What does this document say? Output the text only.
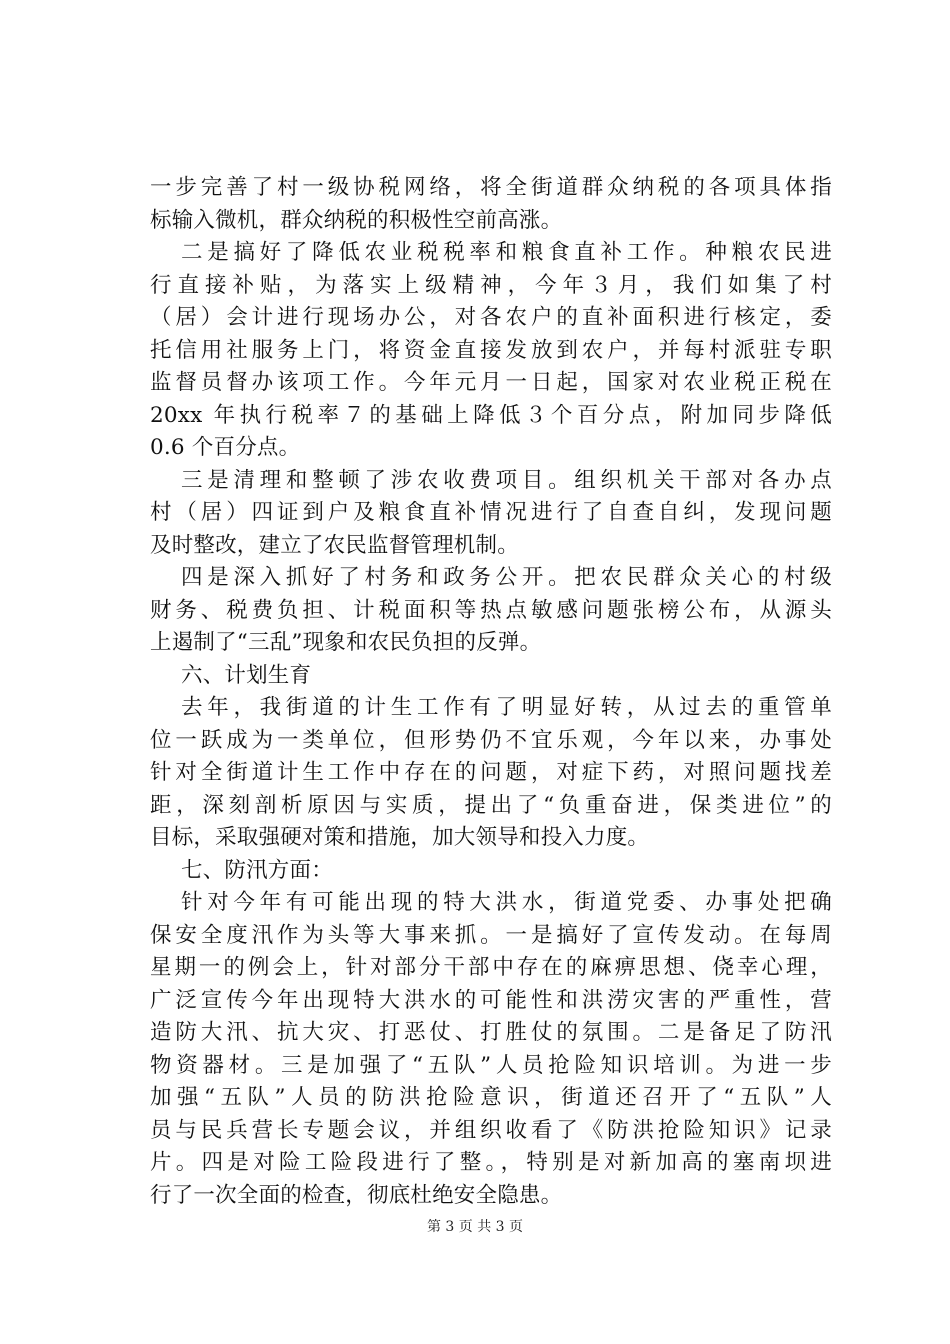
一步完善了村一级协税网络，将全街道群众纳税的各项具体指
标输入微机，群众纳税的积极性空前高涨。
二是搞好了降低农业税税率和粮食直补工作。种粮农民进
行直接补贴，为落实上级精神，今年３月，我们如集了村
（居）会计进行现场办公，对各农户的直补面积进行核定，委
托信用社服务上门，将资金直接发放到农户，并每村派驻专职
监督员督办该项工作。今年元月一日起，国家对农业税正税在
20xx 年执行税率７的基础上降低３个百分点，附加同步降低
0.6 个百分点。
三是清理和整顿了涉农收费项目。组织机关干部对各办点
村（居）四证到户及粮食直补情况进行了自查自纠，发现问题
及时整改，建立了农民监督管理机制。
四是深入抓好了村务和政务公开。把农民群众关心的村级
财务、税费负担、计税面积等热点敏感问题张榜公布，从源头
上遏制了“三乱”现象和农民负担的反弹。
六、计划生育
去年，我街道的计生工作有了明显好转，从过去的重管单
位一跃成为一类单位，但形势仍不宜乐观，今年以来，办事处
针对全街道计生工作中存在的问题，对症下药，对照问题找差
距，深刻剖析原因与实质，提出了“负重奋进，保类进位”的
目标，采取强硬对策和措施，加大领导和投入力度。
七、防汛方面：
针对今年有可能出现的特大洪水，街道党委、办事处把确
保安全度汛作为头等大事来抓。一是搞好了宣传发动。在每周
星期一的例会上，针对部分干部中存在的麻痹思想、侥幸心理，
广泛宣传今年出现特大洪水的可能性和洪涝灾害的严重性，营
造防大汛、抗大灾、打恶仗、打胜仗的氛围。二是备足了防汛
物资器材。三是加强了“五队”人员抢险知识培训。为进一步
加强“五队”人员的防洪抢险意识，街道还召开了“五队”人
员与民兵营长专题会议，并组织收看了《防洪抢险知识》记录
片。四是对险工险段进行了整。，特别是对新加高的塞南坝进
行了一次全面的检查，彻底杜绝安全隐患。
第 3 页 共 3 页
